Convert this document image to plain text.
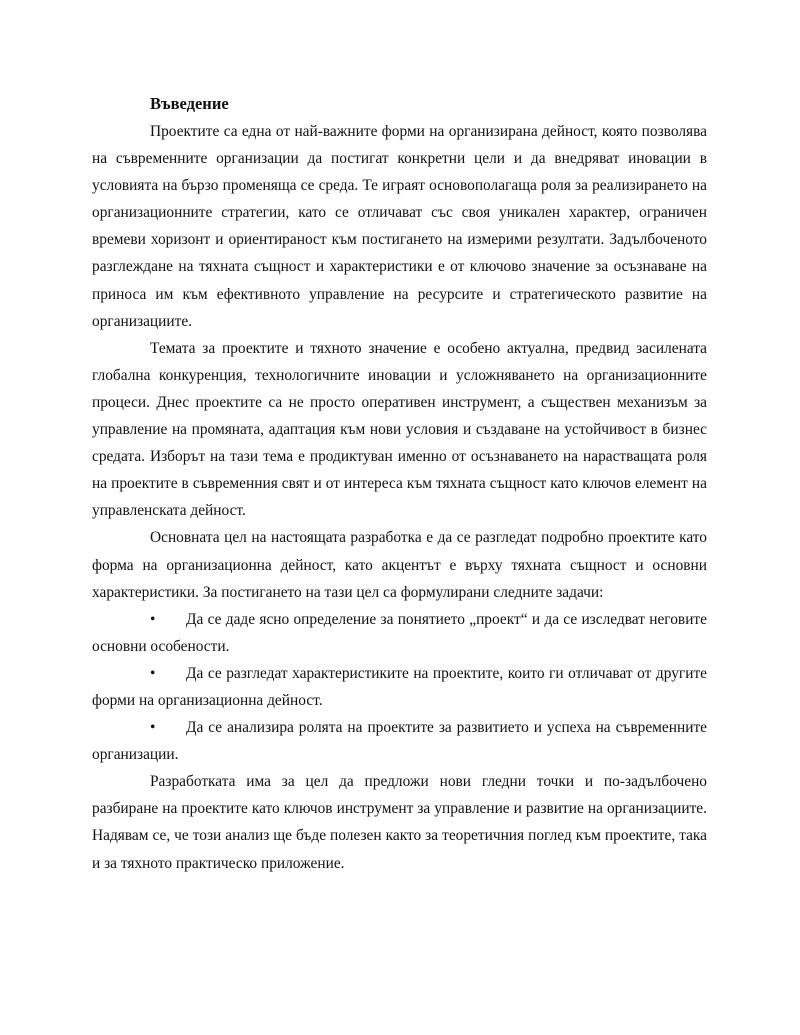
Въведение

Проектите са една от най-важните форми на организирана дейност, която позволява на съвременните организации да постигат конкретни цели и да внедряват иновации в условията на бързо променяща се среда. Те играят основополагаща роля за реализирането на организационните стратегии, като се отличават със своя уникален характер, ограничен времеви хоризонт и ориентираност към постигането на измерими резултати. Задълбоченото разглеждане на тяхната същност и характеристики е от ключово значение за осъзнаване на приноса им към ефективното управление на ресурсите и стратегическото развитие на организациите.

Темата за проектите и тяхното значение е особено актуална, предвид засилената глобална конкуренция, технологичните иновации и усложняването на организационните процеси. Днес проектите са не просто оперативен инструмент, а съществен механизъм за управление на промяната, адаптация към нови условия и създаване на устойчивост в бизнес средата. Изборът на тази тема е продиктуван именно от осъзнаването на нарастващата роля на проектите в съвременния свят и от интереса към тяхната същност като ключов елемент на управленската дейност.

Основната цел на настоящата разработка е да се разгледат подробно проектите като форма на организационна дейност, като акцентът е върху тяхната същност и основни характеристики. За постигането на тази цел са формулирани следните задачи:

• Да се даде ясно определение за понятието „проект“ и да се изследват неговите основни особености.
• Да се разгледат характеристиките на проектите, които ги отличават от другите форми на организационна дейност.
• Да се анализира ролята на проектите за развитието и успеха на съвременните организации.

Разработката има за цел да предложи нови гледни точки и по-задълбочено разбиране на проектите като ключов инструмент за управление и развитие на организациите. Надявам се, че този анализ ще бъде полезен както за теоретичния поглед към проектите, така и за тяхното практическо приложение.
